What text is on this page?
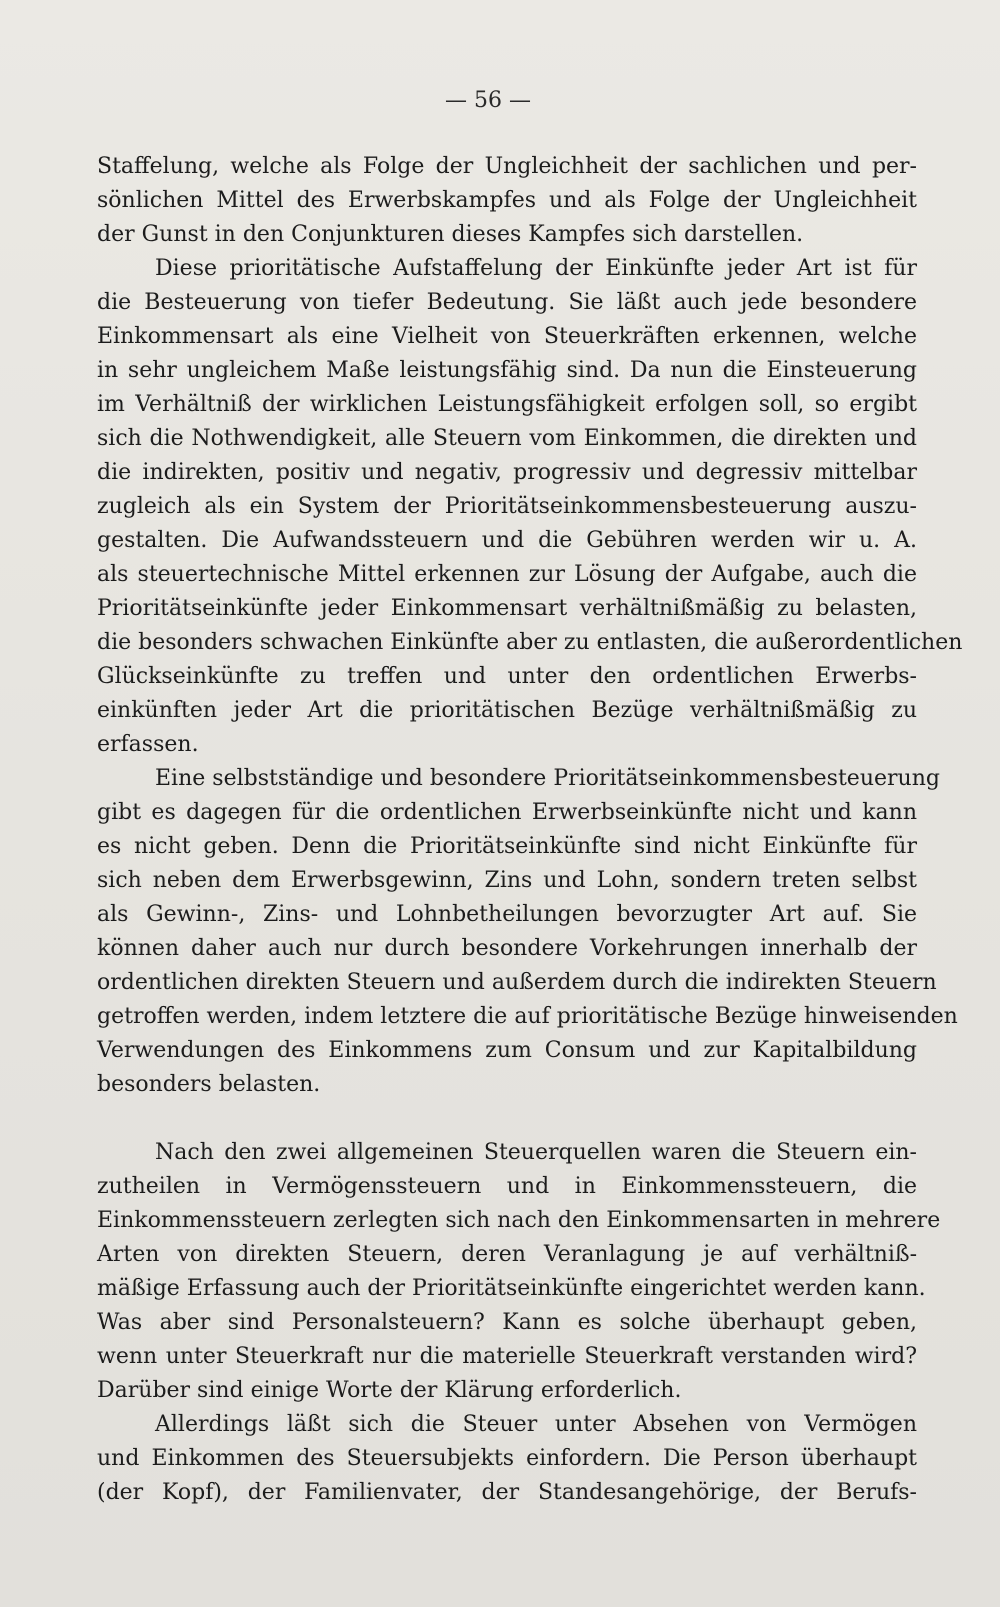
— 56 —
Staffelung, welche als Folge der Ungleichheit der sachlichen und per-
sönlichen Mittel des Erwerbskampfes und als Folge der Ungleichheit
der Gunst in den Conjunkturen dieses Kampfes sich darstellen.
Diese prioritätische Aufstaffelung der Einkünfte jeder Art ist für
die Besteuerung von tiefer Bedeutung. Sie läßt auch jede besondere
Einkommensart als eine Vielheit von Steuerkräften erkennen, welche
in sehr ungleichem Maße leistungsfähig sind. Da nun die Einsteuerung
im Verhältniß der wirklichen Leistungsfähigkeit erfolgen soll, so ergibt
sich die Nothwendigkeit, alle Steuern vom Einkommen, die direkten und
die indirekten, positiv und negativ, progressiv und degressiv mittelbar
zugleich als ein System der Prioritätseinkommensbesteuerung auszu-
gestalten. Die Aufwandssteuern und die Gebühren werden wir u. A.
als steuertechnische Mittel erkennen zur Lösung der Aufgabe, auch die
Prioritätseinkünfte jeder Einkommensart verhältnißmäßig zu belasten,
die besonders schwachen Einkünfte aber zu entlasten, die außerordentlichen
Glückseinkünfte zu treffen und unter den ordentlichen Erwerbs-
einkünften jeder Art die prioritätischen Bezüge verhältnißmäßig zu
erfassen.
Eine selbstständige und besondere Prioritätseinkommensbesteuerung
gibt es dagegen für die ordentlichen Erwerbseinkünfte nicht und kann
es nicht geben. Denn die Prioritätseinkünfte sind nicht Einkünfte für
sich neben dem Erwerbsgewinn, Zins und Lohn, sondern treten selbst
als Gewinn-, Zins- und Lohnbetheilungen bevorzugter Art auf. Sie
können daher auch nur durch besondere Vorkehrungen innerhalb der
ordentlichen direkten Steuern und außerdem durch die indirekten Steuern
getroffen werden, indem letztere die auf prioritätische Bezüge hinweisenden
Verwendungen des Einkommens zum Consum und zur Kapitalbildung
besonders belasten.
Nach den zwei allgemeinen Steuerquellen waren die Steuern ein-
zutheilen in Vermögenssteuern und in Einkommenssteuern, die
Einkommenssteuern zerlegten sich nach den Einkommensarten in mehrere
Arten von direkten Steuern, deren Veranlagung je auf verhältniß-
mäßige Erfassung auch der Prioritätseinkünfte eingerichtet werden kann.
Was aber sind Personalsteuern? Kann es solche überhaupt geben,
wenn unter Steuerkraft nur die materielle Steuerkraft verstanden wird?
Darüber sind einige Worte der Klärung erforderlich.
Allerdings läßt sich die Steuer unter Absehen von Vermögen
und Einkommen des Steuersubjekts einfordern. Die Person überhaupt
(der Kopf), der Familienvater, der Standesangehörige, der Berufs-
